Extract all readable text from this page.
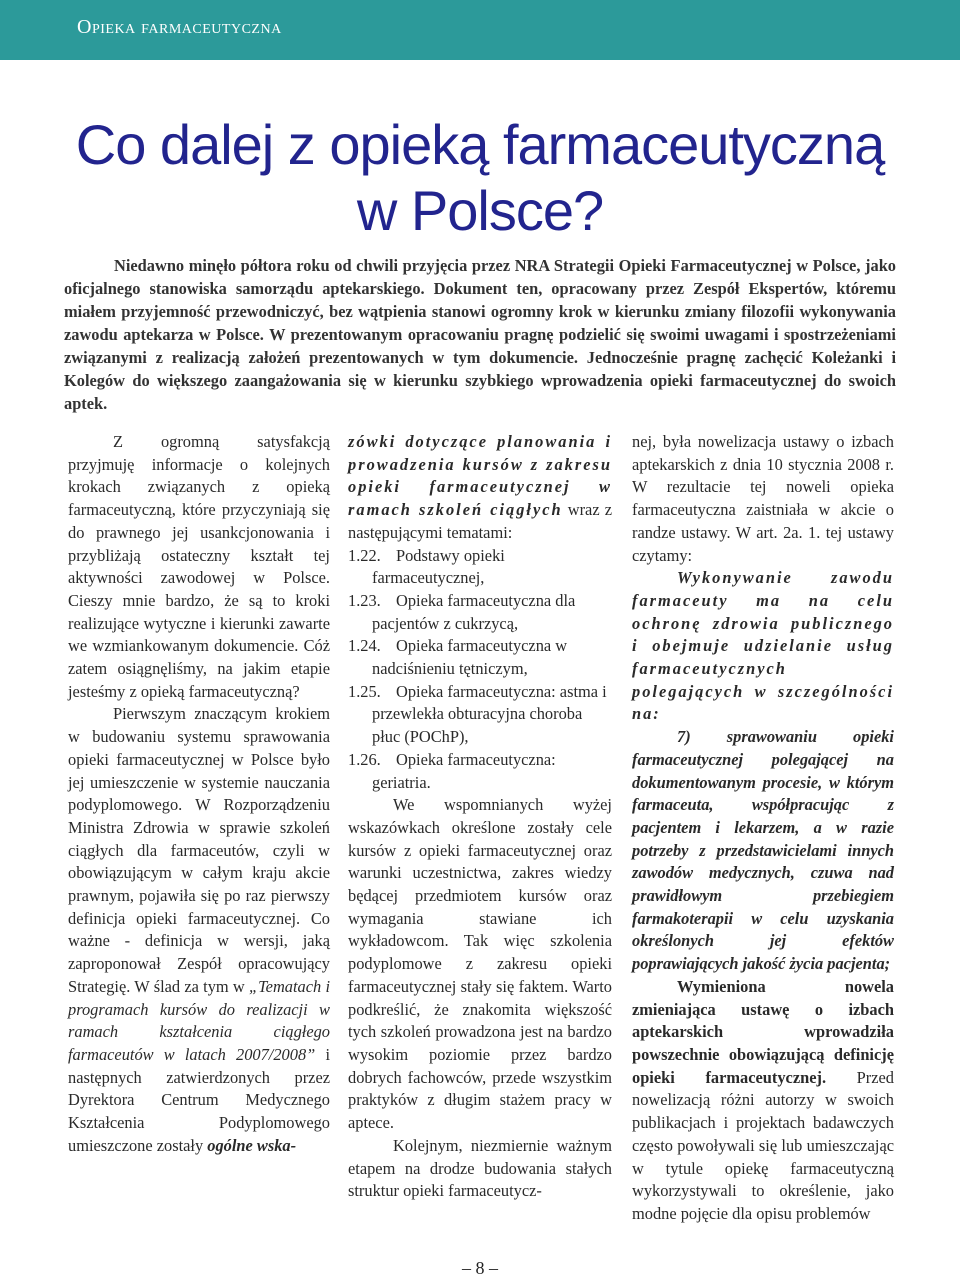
Opieka farmaceutyczna
Co dalej z opieką farmaceutyczną
w Polsce?

Niedawno minęło półtora roku od chwili przyjęcia przez NRA Strategii Opieki Farmaceutycznej w Polsce, jako oficjalnego stanowiska samorządu aptekarskiego. Dokument ten, opracowany przez Zespół Ekspertów, któremu miałem przyjemność przewodniczyć, bez wątpienia stanowi ogromny krok w kierunku zmiany filozofii wykonywania zawodu aptekarza w Polsce. W prezentowanym opracowaniu pragnę podzielić się swoimi uwagami i spostrzeżeniami związanymi z realizacją założeń prezentowanych w tym dokumencie. Jednocześnie pragnę zachęcić Koleżanki i Kolegów do większego zaangażowania się w kierunku szybkiego wprowadzenia opieki farmaceutycznej do swoich aptek.

Z ogromną satysfakcją przyjmuję informacje o kolejnych krokach związanych z opieką farmaceutyczną, które przyczyniają się do prawnego jej usankcjonowania i przybliżają ostateczny kształt tej aktywności zawodowej w Polsce. Cieszy mnie bardzo, że są to kroki realizujące wytyczne i kierunki zawarte we wzmiankowanym dokumencie. Cóż zatem osiągnęliśmy, na jakim etapie jesteśmy z opieką farmaceutyczną?

Pierwszym znaczącym krokiem w budowaniu systemu sprawowania opieki farmaceutycznej w Polsce było jej umieszczenie w systemie nauczania podyplomowego. W Rozporządzeniu Ministra Zdrowia w sprawie szkoleń ciągłych dla farmaceutów, czyli w obowiązującym w całym kraju akcie prawnym, pojawiła się po raz pierwszy definicja opieki farmaceutycznej. Co ważne - definicja w wersji, jaką zaproponował Zespół opracowujący Strategię. W ślad za tym w „Tematach i programach kursów do realizacji w ramach kształcenia ciągłego farmaceutów w latach 2007/2008” i następnych zatwierdzonych przez Dyrektora Centrum Medycznego Kształcenia Podyplomowego umieszczone zostały ogólne wska-

zówki dotyczące planowania i prowadzenia kursów z zakresu opieki farmaceutycznej w ramach szkoleń ciągłych wraz z następującymi tematami:

1.22. Podstawy opieki farmaceutycznej,
1.23. Opieka farmaceutyczna dla pacjentów z cukrzycą,
1.24. Opieka farmaceutyczna w nadciśnieniu tętniczym,
1.25. Opieka farmaceutyczna: astma i przewlekła obturacyjna choroba płuc (POChP),
1.26. Opieka farmaceutyczna: geriatria.

We wspomnianych wyżej wskazówkach określone zostały cele kursów z opieki farmaceutycznej oraz warunki uczestnictwa, zakres wiedzy będącej przedmiotem kursów oraz wymagania stawiane ich wykładowcom. Tak więc szkolenia podyplomowe z zakresu opieki farmaceutycznej stały się faktem. Warto podkreślić, że znakomita większość tych szkoleń prowadzona jest na bardzo wysokim poziomie przez bardzo dobrych fachowców, przede wszystkim praktyków z długim stażem pracy w aptece.

Kolejnym, niezmiernie ważnym etapem na drodze budowania stałych struktur opieki farmaceutycz-

nej, była nowelizacja ustawy o izbach aptekarskich z dnia 10 stycznia 2008 r. W rezultacie tej noweli opieka farmaceutyczna zaistniała w akcie o randze ustawy. W art. 2a. 1. tej ustawy czytamy:

Wykonywanie zawodu farmaceuty ma na celu ochronę zdrowia publicznego i obejmuje udzielanie usług farmaceutycznych polegających w szczególności na:

7) sprawowaniu opieki farmaceutycznej polegającej na dokumentowanym procesie, w którym farmaceuta, współpracując z pacjentem i lekarzem, a w razie potrzeby z przedstawicielami innych zawodów medycznych, czuwa nad prawidłowym przebiegiem farmakoterapii w celu uzyskania określonych jej efektów poprawiających jakość życia pacjenta;

Wymieniona nowela zmieniająca ustawę o izbach aptekarskich wprowadziła powszechnie obowiązującą definicję opieki farmaceutycznej. Przed nowelizacją różni autorzy w swoich publikacjach i projektach badawczych często powoływali się lub umieszczając w tytule opiekę farmaceutyczną wykorzystywali to określenie, jako modne pojęcie dla opisu problemów

– 8 –
